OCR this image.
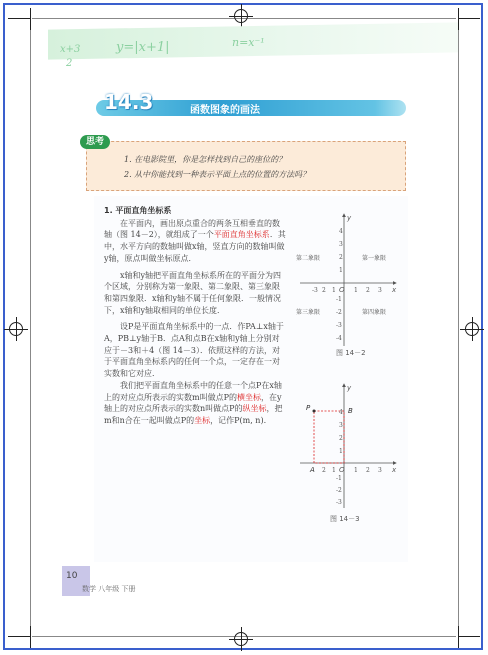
x+3
2
y=|x+1|	n=x⁻¹
14.3	函数图象的画法
思考
1. 在电影院里，你是怎样找到自己的座位的？
2. 从中你能找到一种表示平面上点的位置的方法吗？

1. 平面直角坐标系

在平面内，画出原点重合的两条互相垂直的数轴（图 14－2），就组成了一个平面直角坐标系．其中，水平方向的数轴叫做x轴，竖直方向的数轴叫做y轴，原点叫做坐标原点．

x轴和y轴把平面直角坐标系所在的平面分为四个区域，分别称为第一象限、第二象限、第三象限和第四象限．x轴和y轴不属于任何象限．一般情况下，x轴和y轴取相同的单位长度．

设P是平面直角坐标系中的一点．作PA⊥x轴于A，PB⊥y轴于B．点A和点B在x轴和y轴上分别对应于－3和＋4（图 14－3）．依照这样的方法，对于平面直角坐标系内的任何一个点，一定存在一对实数和它对应．

我们把平面直角坐标系中的任意一个点P在x轴上的对应点所表示的实数m叫做点P的横坐标，在y轴上的对应点所表示的实数n叫做点P的纵坐标，把m和n合在一起叫做点P的坐标，记作P(m, n).

-3 2 1	1 2 3
4
3
2
1
-1
-2
-3
-4
x
y
O
第二象限	第一象限
第三象限	第四象限
图 14－2
2 1	1 2 3
4
3
2
1
-1
-2
-3
P
A
B
x
y
O
图 14－3
10
数学 八年级 下册
